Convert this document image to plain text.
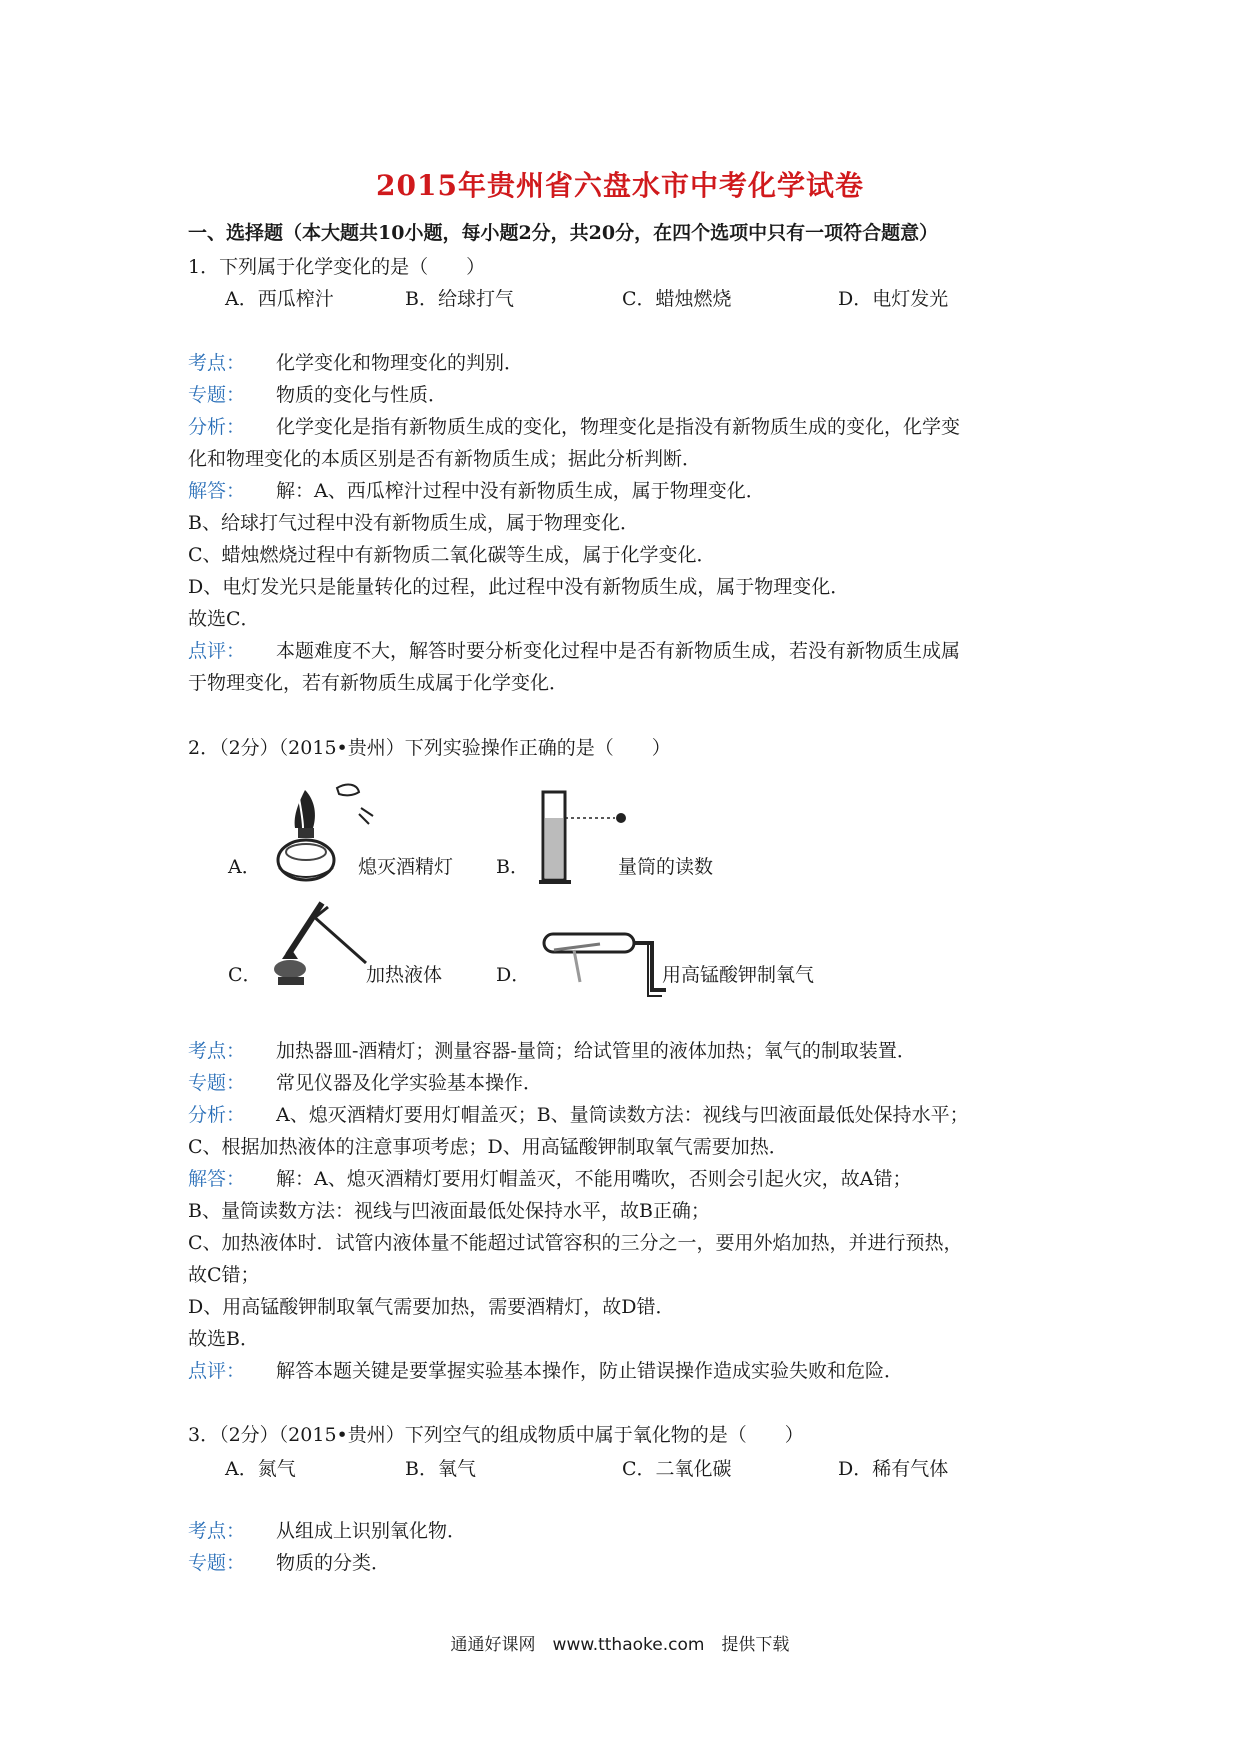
2015年贵州省六盘水市中考化学试卷
一、选择题（本大题共10小题，每小题2分，共20分，在四个选项中只有一项符合题意）
1．下列属于化学变化的是（　　）
A．西瓜榨汁	B．给球打气	C．蜡烛燃烧	D．电灯发光
考点： 化学变化和物理变化的判别．
专题： 物质的变化与性质．
分析： 化学变化是指有新物质生成的变化，物理变化是指没有新物质生成的变化，化学变
化和物理变化的本质区别是否有新物质生成；据此分析判断．
解答： 解：A、西瓜榨汁过程中没有新物质生成，属于物理变化．
B、给球打气过程中没有新物质生成，属于物理变化．
C、蜡烛燃烧过程中有新物质二氧化碳等生成，属于化学变化．
D、电灯发光只是能量转化的过程，此过程中没有新物质生成，属于物理变化．
故选C．
点评： 本题难度不大，解答时要分析变化过程中是否有新物质生成，若没有新物质生成属
于物理变化，若有新物质生成属于化学变化．
2．（2分）（2015•贵州）下列实验操作正确的是（　　）
A．	熄灭酒精灯 B．	量筒的读数
C．	加热液体	D．	用高锰酸钾制氧气
考点： 加热器皿-酒精灯；测量容器-量筒；给试管里的液体加热；氧气的制取装置．
专题： 常见仪器及化学实验基本操作．
分析： A、熄灭酒精灯要用灯帽盖灭；B、量筒读数方法：视线与凹液面最低处保持水平；
C、根据加热液体的注意事项考虑；D、用高锰酸钾制取氧气需要加热．
解答： 解：A、熄灭酒精灯要用灯帽盖灭，不能用嘴吹，否则会引起火灾，故A错；
B、量筒读数方法：视线与凹液面最低处保持水平，故B正确；
C、加热液体时．试管内液体量不能超过试管容积的三分之一，要用外焰加热，并进行预热，
故C错；
D、用高锰酸钾制取氧气需要加热，需要酒精灯，故D错．
故选B．
点评： 解答本题关键是要掌握实验基本操作，防止错误操作造成实验失败和危险．
3．（2分）（2015•贵州）下列空气的组成物质中属于氧化物的是（　　）
A．氮气	B．氧气	C．二氧化碳	D．稀有气体
考点： 从组成上识别氧化物．
专题： 物质的分类．
通通好课网　www.tthaoke.com　提供下载
